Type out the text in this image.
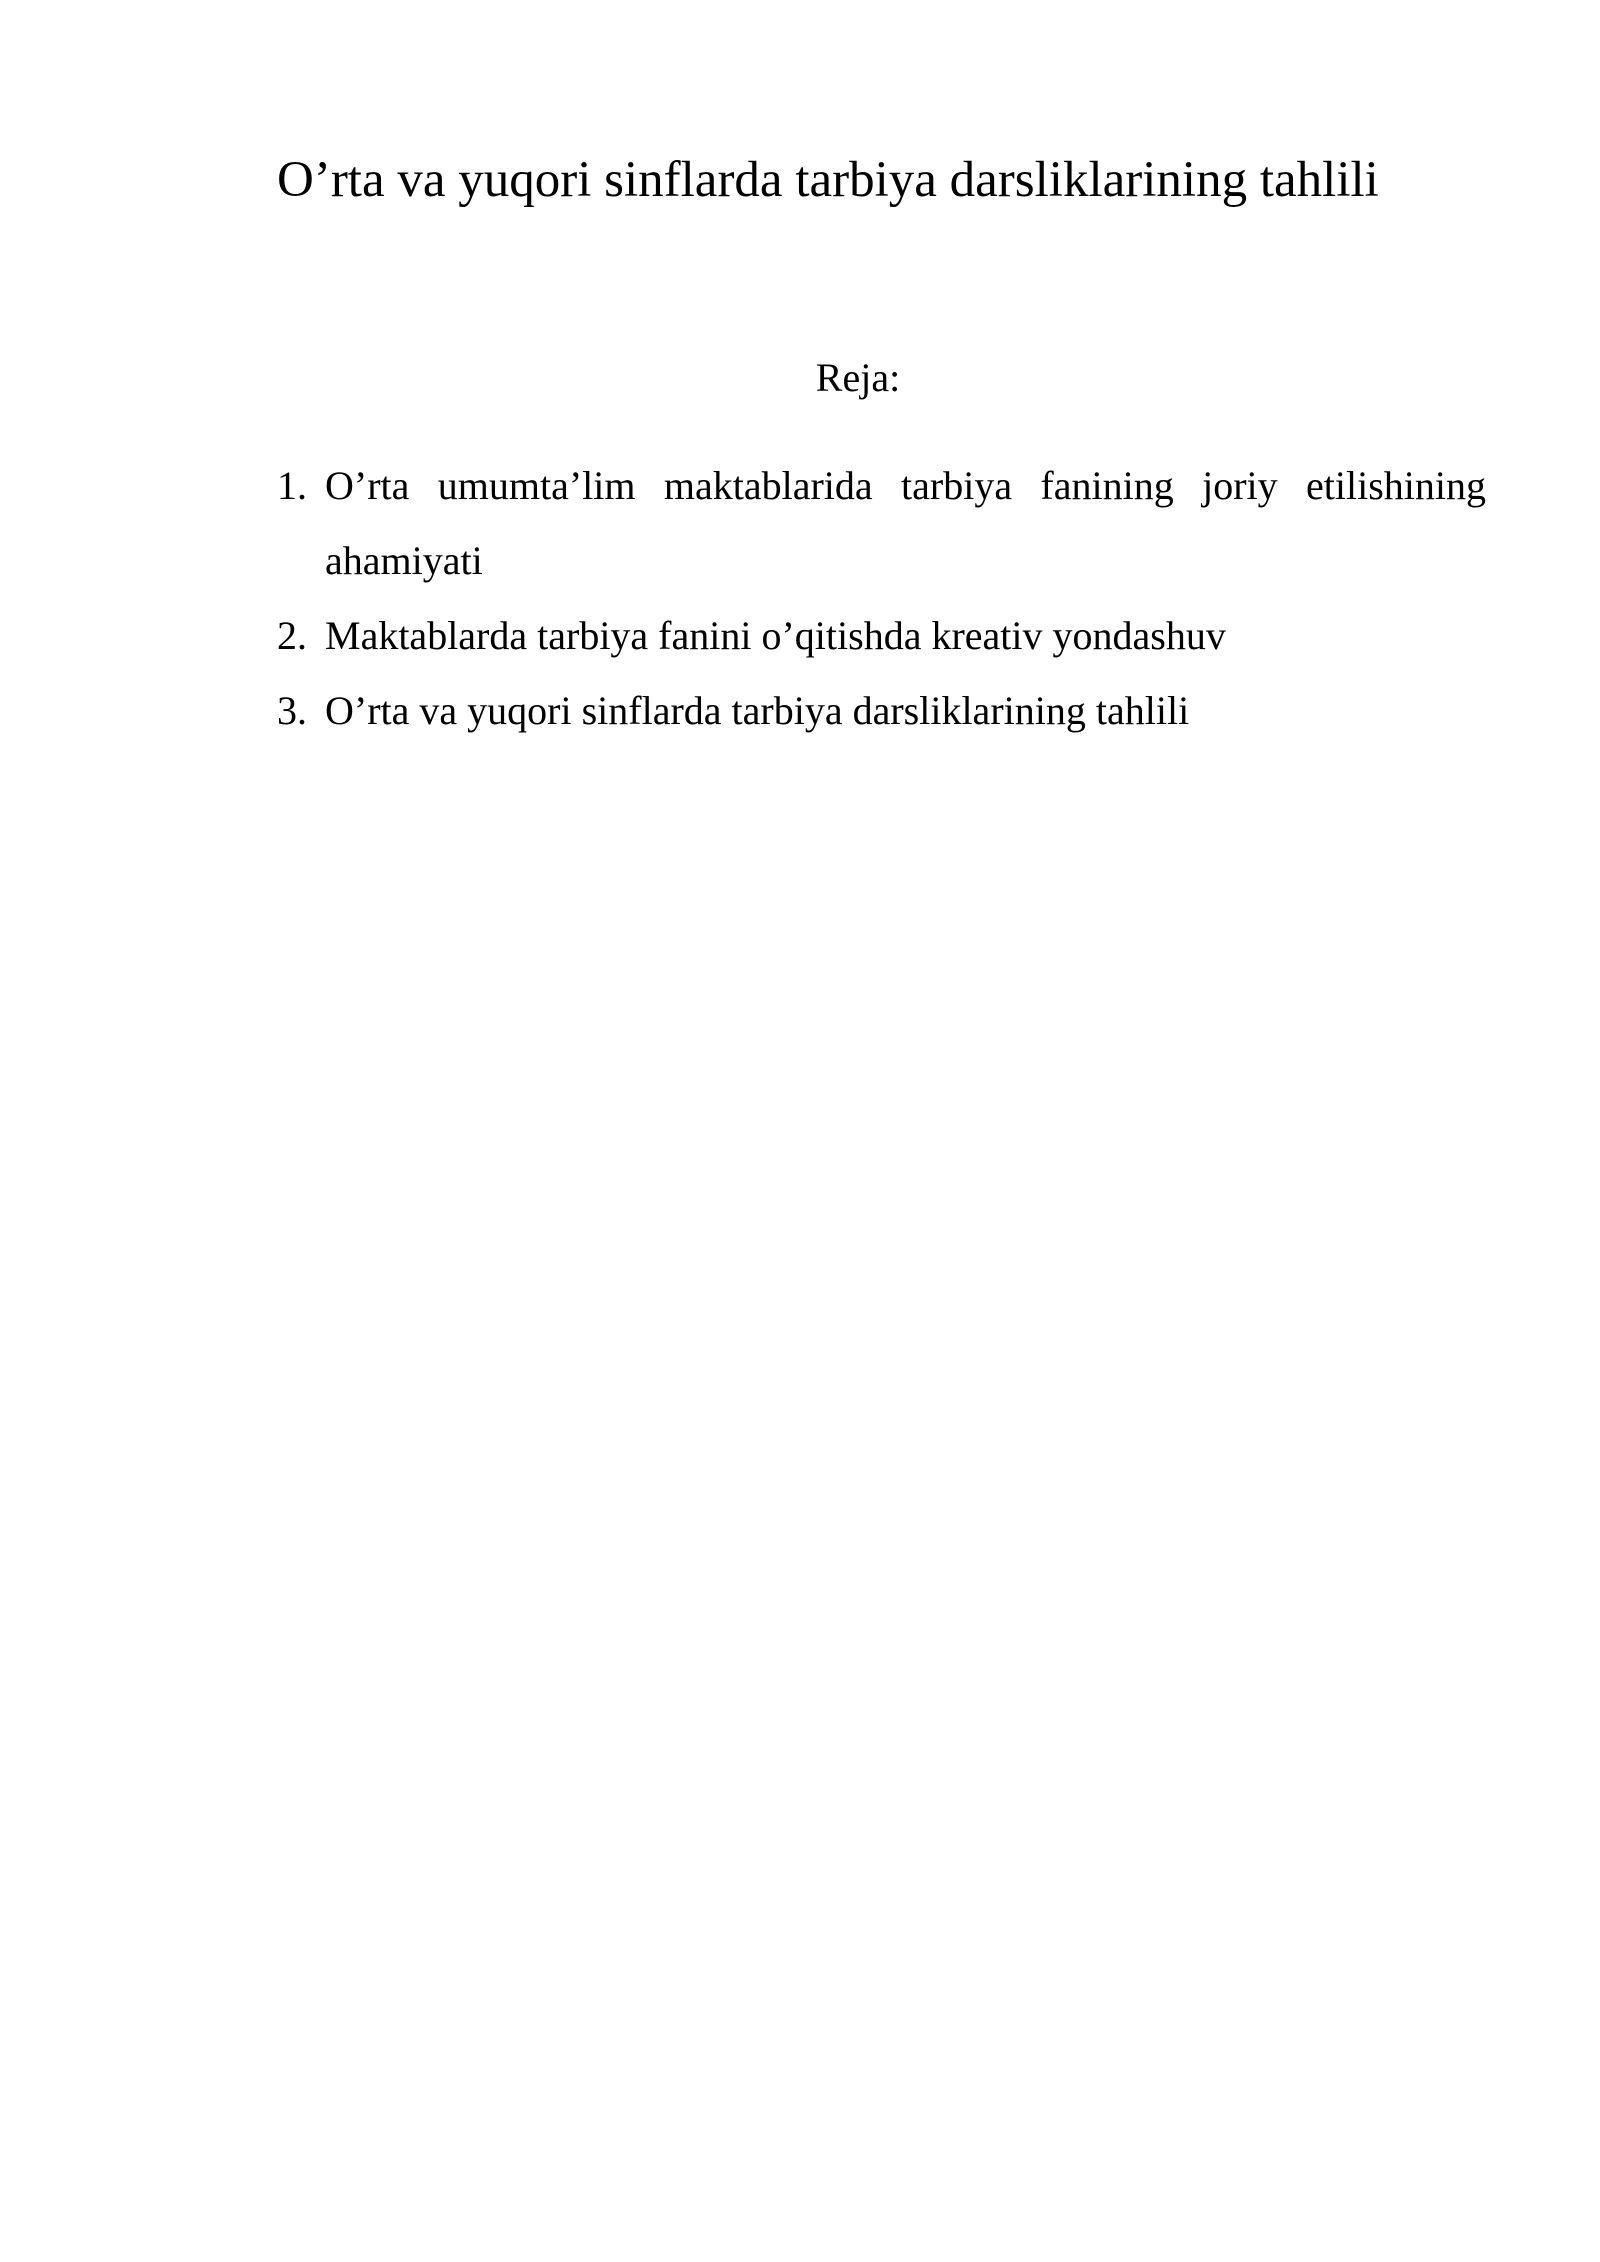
O’rta va yuqori sinflarda tarbiya darsliklarining tahlili
Reja:
1. O’rta umumta’lim maktablarida tarbiya fanining joriy etilishining ahamiyati
2. Maktablarda tarbiya fanini o’qitishda kreativ yondashuv
3. O’rta va yuqori sinflarda tarbiya darsliklarining tahlili
